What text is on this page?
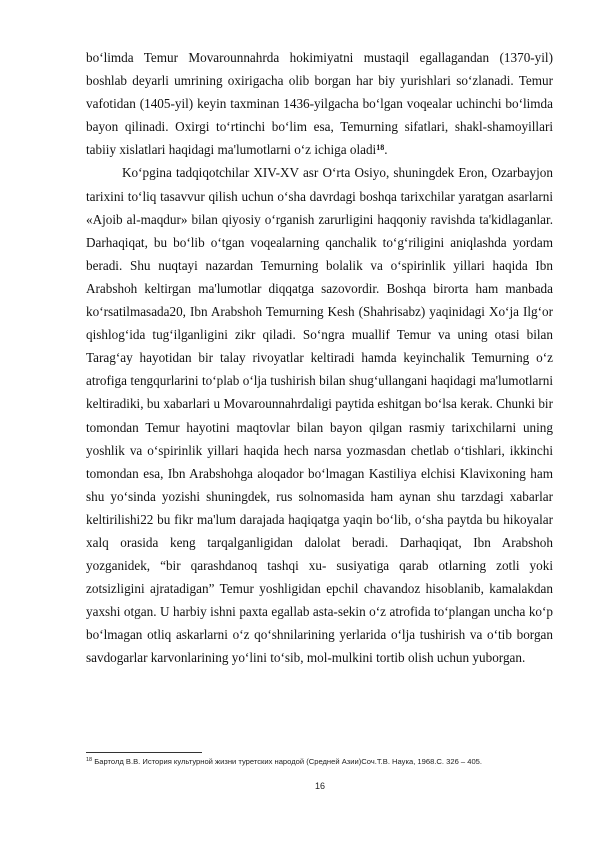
bo‘limda Temur Movarounnahrda hokimiyatni mustaqil egallagandan (1370-yil) boshlab deyarli umrining oxirigacha olib borgan har biy yurishlari so‘zlanadi. Temur vafotidan (1405-yil) keyin taxminan 1436-yilgacha bo‘lgan voqealar uchinchi bo‘limda bayon qilinadi. Oxirgi to‘rtinchi bo‘lim esa, Temurning sifatlari, shakl-shamoyillari tabiiy xislatlari haqidagi ma'lumotlarni o‘z ichiga oladi$^{18}$.

Ko‘pgina tadqiqotchilar XIV-XV asr O‘rta Osiyo, shuningdek Eron, Ozarbayjon tarixini to‘liq tasavvur qilish uchun o‘sha davrdagi boshqa tarixchilar yaratgan asarlarni «Ajoib al-maqdur» bilan qiyosiy o‘rganish zarurligini haqqoniy ravishda ta'kidlaganlar. Darhaqiqat, bu bo‘lib o‘tgan voqealarning qanchalik to‘g‘riligini aniqlashda yordam beradi. Shu nuqtayi nazardan Temurning bolalik va o‘spirinlik yillari haqida Ibn Arabshoh keltirgan ma'lumotlar diqqatga sazovordir. Boshqa birorta ham manbada ko‘rsatilmasada20, Ibn Arabshoh Temurning Kesh (Shahrisabz) yaqinidagi Xo‘ja Ilg‘or qishlog‘ida tug‘ilganligini zikr qiladi. So‘ngra muallif Temur va uning otasi bilan Tarag‘ay hayotidan bir talay rivoyatlar keltiradi hamda keyinchalik Temurning o‘z atrofiga tengqurlarini to‘plab o‘lja tushirish bilan shug‘ullangani haqidagi ma'lumotlarni keltiradiki, bu xabarlari u Movarounnahrdaligi paytida eshitgan bo‘lsa kerak. Chunki bir tomondan Temur hayotini maqtovlar bilan bayon qilgan rasmiy tarixchilarni uning yoshlik va o‘spirinlik yillari haqida hech narsa yozmasdan chetlab o‘tishlari, ikkinchi tomondan esa, Ibn Arabshohga aloqador bo‘lmagan Kastiliya elchisi Klavixoning ham shu yo‘sinda yozishi shuningdek, rus solnomasida ham aynan shu tarzdagi xabarlar keltirilishi22 bu fikr ma'lum darajada haqiqatga yaqin bo‘lib, o‘sha paytda bu hikoyalar xalq orasida keng tarqalganligidan dalolat beradi. Darhaqiqat, Ibn Arabshoh yozganidek, “bir qarashdanoq tashqi xu- susiyatiga qarab otlarning zotli yoki zotsizligini ajratadigan” Temur yoshligidan epchil chavandoz hisoblanib, kamalakdan yaxshi otgan. U harbiy ishni paxta egallab asta-sekin o‘z atrofida to‘plangan uncha ko‘p bo‘lmagan otliq askarlarni o‘z qo‘shnilarining yerlarida o‘lja tushirish va o‘tib borgan savdogarlar karvonlarining yo‘lini to‘sib, mol-mulkini tortib olish uchun yuborgan.

$^{18}$ Бартолд В.В. История культурной жизни туретских народой (Средней Азии)Соч.Т.В. Наука, 1968.С. 326 – 405.
16
